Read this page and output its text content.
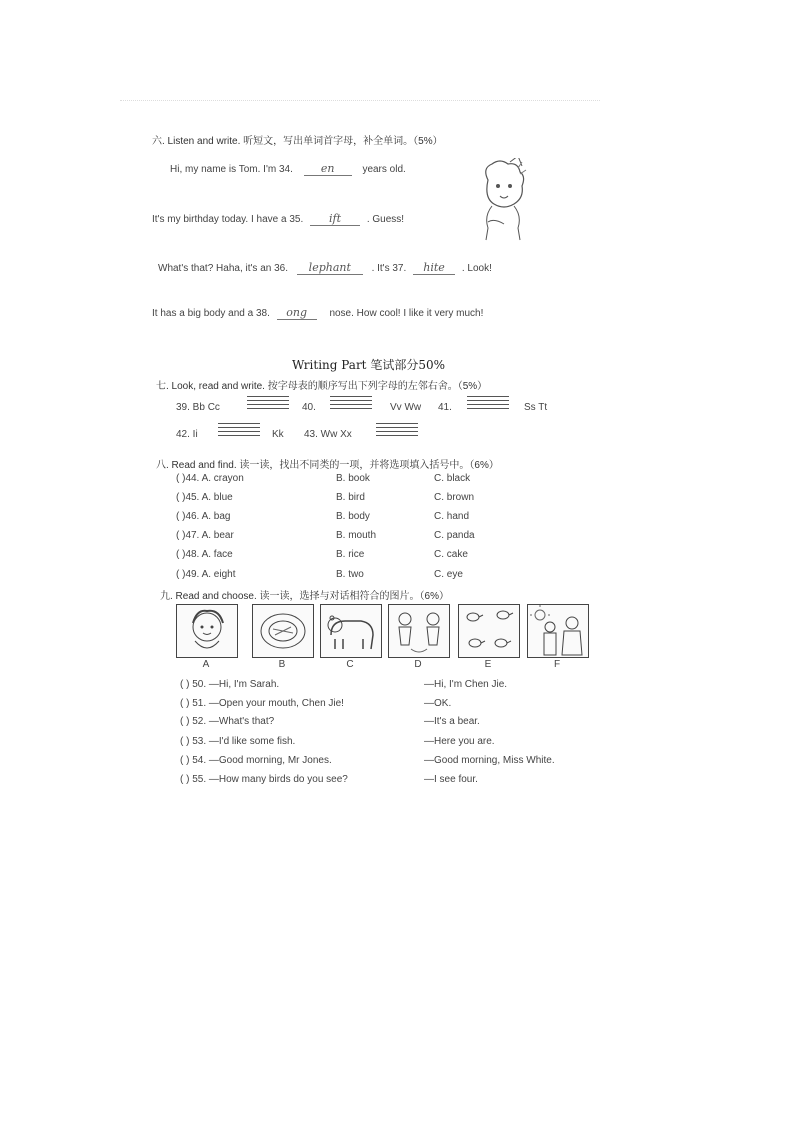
六. Listen and write. 听短文，写出单词首字母，补全单词。（5%）
Hi, my name is Tom. I'm 34.	en	years old.
It's my birthday today. I have a 35. ift	. Guess!
What's that? Haha, it's an 36. lephant . It's 37. hite . Look!
It has a big body and a 38. ong nose. How cool! I like it very much!
Writing Part 笔试部分50%
七. Look, read and write. 按字母表的顺序写出下列字母的左邻右舍。（5%）
39. Bb Cc	40.	Vv Ww 41.	Ss Tt
42. Ii	Kk 43. Ww Xx
八. Read and find. 读一读，找出不同类的一项，并将选项填入括号中。（6%）
( )44. A. crayon	B. book	C. black
( )45. A. blue	B. bird	C. brown
( )46. A. bag	B. body	C. hand
( )47. A. bear	B. mouth	C. panda
( )48. A. face	B. rice	C. cake
( )49. A. eight	B. two	C. eye
九. Read and choose. 读一读，选择与对话相符合的图片。（6%）
A	B	C	D	E	F
( ) 50. —Hi, I'm Sarah.	—Hi, I'm Chen Jie.
( ) 51. —Open your mouth, Chen Jie!	—OK.
( ) 52. —What's that?	—It's a bear.
( ) 53. —I'd like some fish.	—Here you are.
( ) 54. —Good morning, Mr Jones.	—Good morning, Miss White.
( ) 55. —How many birds do you see?	—I see four.
